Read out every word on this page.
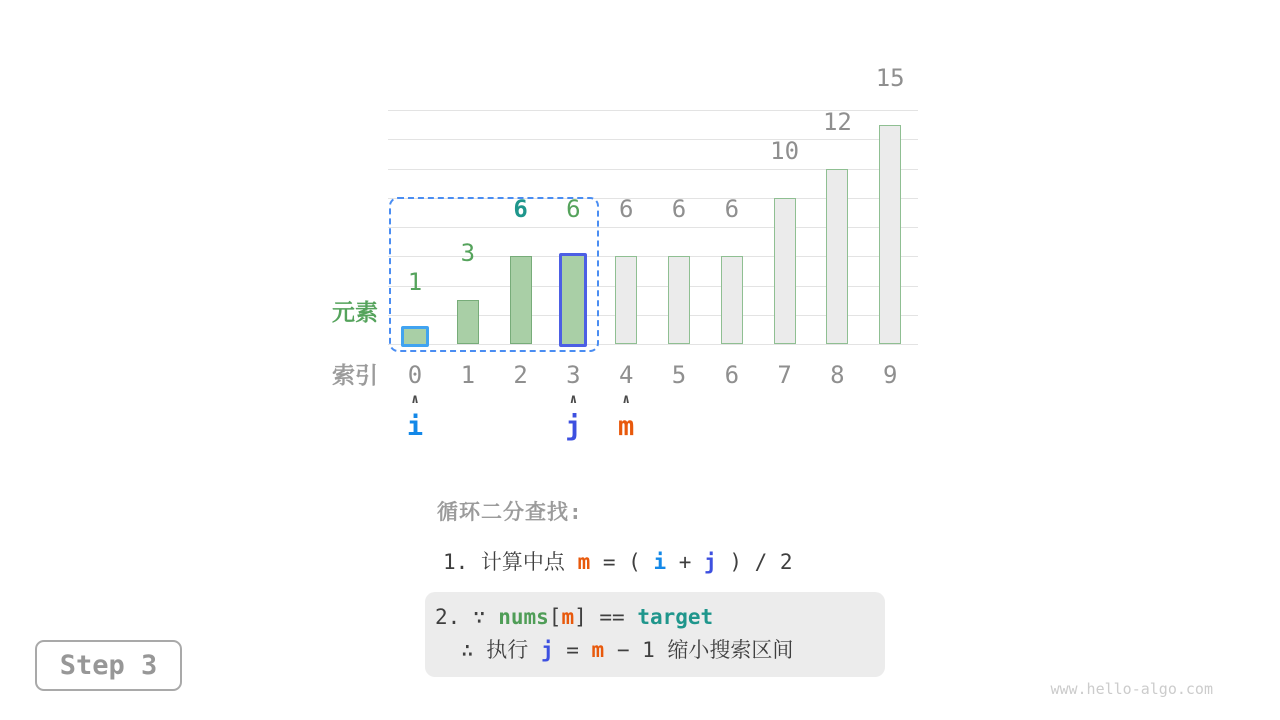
1
0
3
1
6
2
6
3
6
4
6
5
6
6
10
7
12
8
15
9
∧
i
∧
j
∧
m
元素
索引
循环二分查找:
1. 计算中点 m = ( i + j ) / 2
2. ∵ nums[m] == target
∴ 执行 j = m − 1 缩小搜索区间
Step 3
www.hello-algo.com
